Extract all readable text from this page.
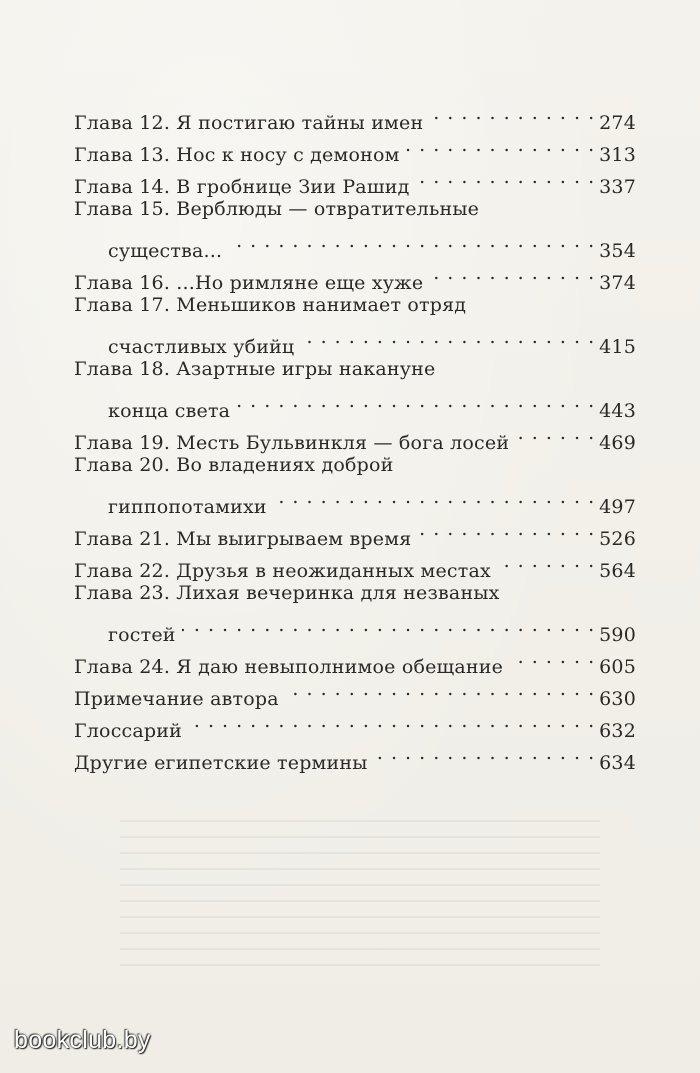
Глава 12. Я постигаю тайны имен . . .	274
Глава 13. Нос к носу с демоном . . .	313
Глава 14. В гробнице Зии Рашид . . .	337
Глава 15. Верблюды — отвратительные
существа... . . .	354
Глава 16. ...Но римляне еще хуже . . .	374
Глава 17. Меньшиков нанимает отряд
счастливых убийц . . .	415
Глава 18. Азартные игры накануне
конца света . . .	443
Глава 19. Месть Бульвинкля — бога лосей . . .	469
Глава 20. Во владениях доброй
гиппопотамихи . . .	497
Глава 21. Мы выигрываем время . . .	526
Глава 22. Друзья в неожиданных местах . . .	564
Глава 23. Лихая вечеринка для незваных
гостей . . .	590
Глава 24. Я даю невыполнимое обещание . . .	605
Примечание автора . . .	630
Глоссарий . . .	632
Другие египетские термины . . .	634
bookclub.by
